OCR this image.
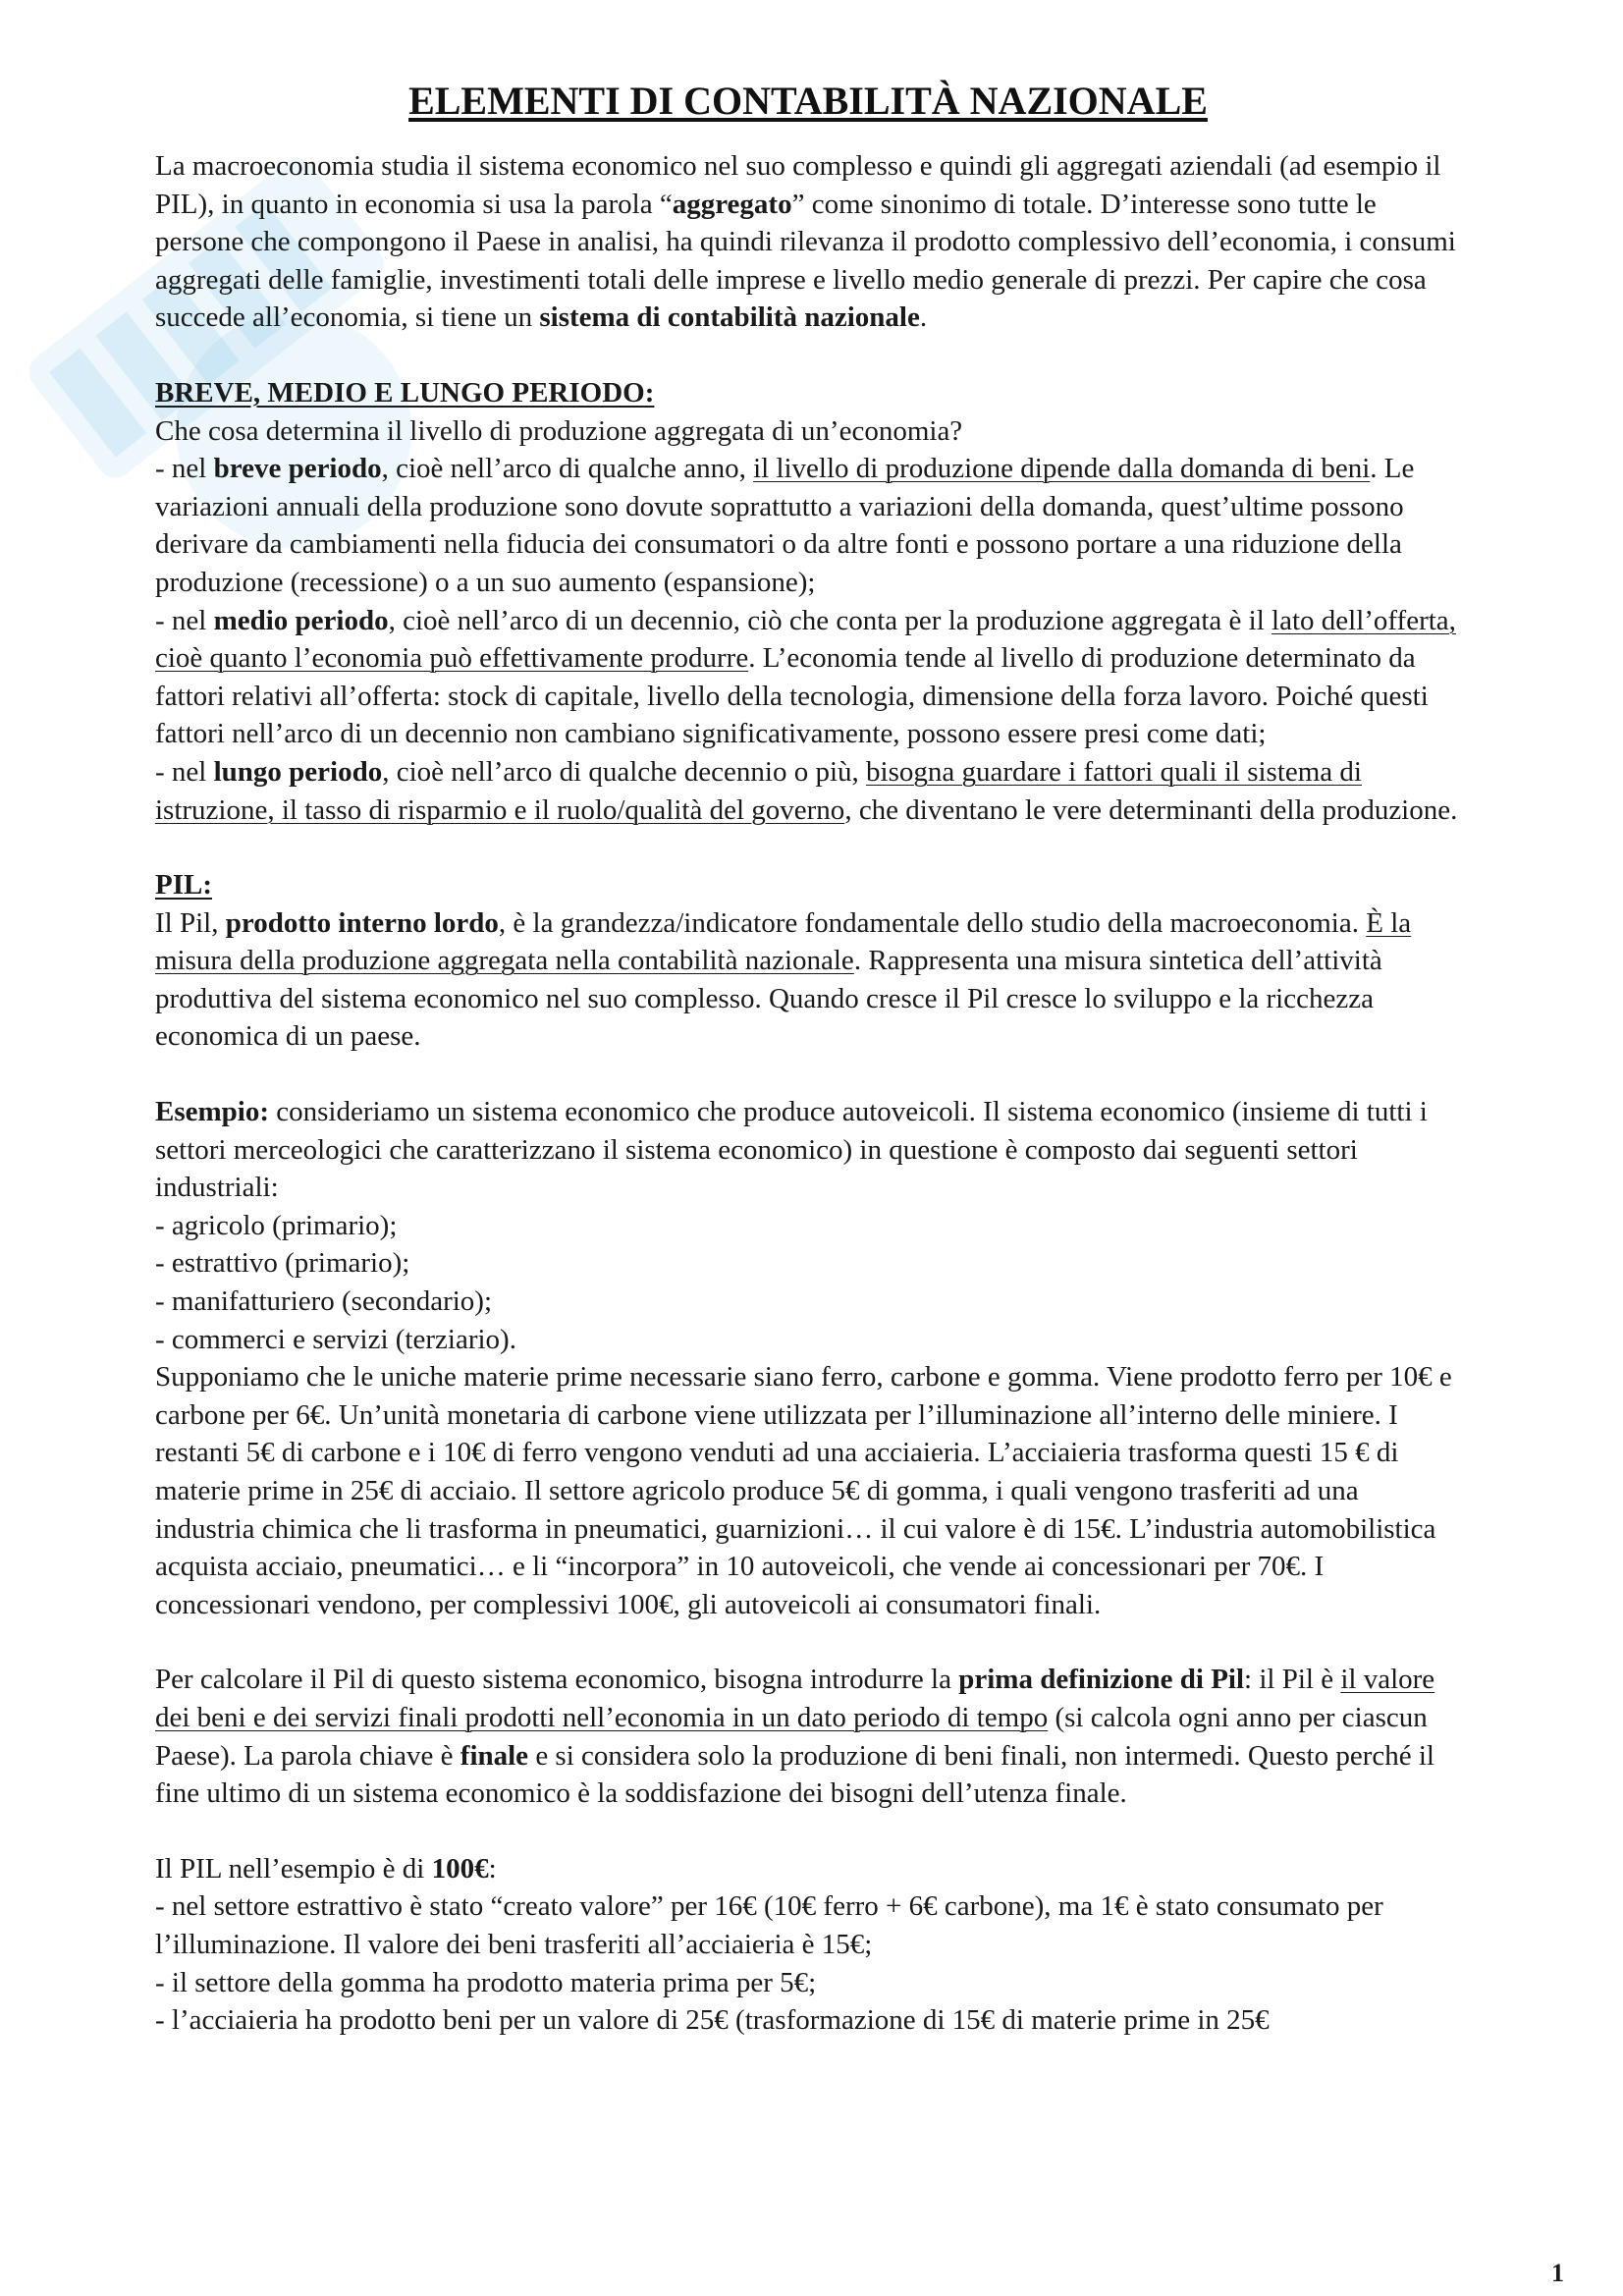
ELEMENTI DI CONTABILITÀ NAZIONALE

La macroeconomia studia il sistema economico nel suo complesso e quindi gli aggregati aziendali (ad esempio il PIL), in quanto in economia si usa la parola “aggregato” come sinonimo di totale. D’interesse sono tutte le persone che compongono il Paese in analisi, ha quindi rilevanza il prodotto complessivo dell’economia, i consumi aggregati delle famiglie, investimenti totali delle imprese e livello medio generale di prezzi. Per capire che cosa succede all’economia, si tiene un sistema di contabilità nazionale.

BREVE, MEDIO E LUNGO PERIODO:

Che cosa determina il livello di produzione aggregata di un’economia?

- nel breve periodo, cioè nell’arco di qualche anno, il livello di produzione dipende dalla domanda di beni. Le variazioni annuali della produzione sono dovute soprattutto a variazioni della domanda, quest’ultime possono derivare da cambiamenti nella fiducia dei consumatori o da altre fonti e possono portare a una riduzione della produzione (recessione) o a un suo aumento (espansione);

- nel medio periodo, cioè nell’arco di un decennio, ciò che conta per la produzione aggregata è il lato dell’offerta, cioè quanto l’economia può effettivamente produrre. L’economia tende al livello di produzione determinato da fattori relativi all’offerta: stock di capitale, livello della tecnologia, dimensione della forza lavoro. Poiché questi fattori nell’arco di un decennio non cambiano significativamente, possono essere presi come dati;

- nel lungo periodo, cioè nell’arco di qualche decennio o più, bisogna guardare i fattori quali il sistema di istruzione, il tasso di risparmio e il ruolo/qualità del governo, che diventano le vere determinanti della produzione.

PIL:

Il Pil, prodotto interno lordo, è la grandezza/indicatore fondamentale dello studio della macroeconomia. È la misura della produzione aggregata nella contabilità nazionale. Rappresenta una misura sintetica dell’attività produttiva del sistema economico nel suo complesso. Quando cresce il Pil cresce lo sviluppo e la ricchezza economica di un paese.

Esempio: consideriamo un sistema economico che produce autoveicoli. Il sistema economico (insieme di tutti i settori merceologici che caratterizzano il sistema economico) in questione è composto dai seguenti settori industriali:

- agricolo (primario);

- estrattivo (primario);

- manifatturiero (secondario);

- commerci e servizi (terziario).

Supponiamo che le uniche materie prime necessarie siano ferro, carbone e gomma. Viene prodotto ferro per 10€ e carbone per 6€. Un’unità monetaria di carbone viene utilizzata per l’illuminazione all’interno delle miniere. I restanti 5€ di carbone e i 10€ di ferro vengono venduti ad una acciaieria. L’acciaieria trasforma questi 15 € di materie prime in 25€ di acciaio. Il settore agricolo produce 5€ di gomma, i quali vengono trasferiti ad una industria chimica che li trasforma in pneumatici, guarnizioni… il cui valore è di 15€. L’industria automobilistica acquista acciaio, pneumatici… e li “incorpora” in 10 autoveicoli, che vende ai concessionari per 70€. I concessionari vendono, per complessivi 100€, gli autoveicoli ai consumatori finali.

Per calcolare il Pil di questo sistema economico, bisogna introdurre la prima definizione di Pil: il Pil è il valore dei beni e dei servizi finali prodotti nell’economia in un dato periodo di tempo (si calcola ogni anno per ciascun Paese). La parola chiave è finale e si considera solo la produzione di beni finali, non intermedi. Questo perché il fine ultimo di un sistema economico è la soddisfazione dei bisogni dell’utenza finale.

Il PIL nell’esempio è di 100€:

- nel settore estrattivo è stato “creato valore” per 16€ (10€ ferro + 6€ carbone), ma 1€ è stato consumato per l’illuminazione. Il valore dei beni trasferiti all’acciaieria è 15€;

- il settore della gomma ha prodotto materia prima per 5€;

- l’acciaieria ha prodotto beni per un valore di 25€ (trasformazione di 15€ di materie prime in 25€

1
